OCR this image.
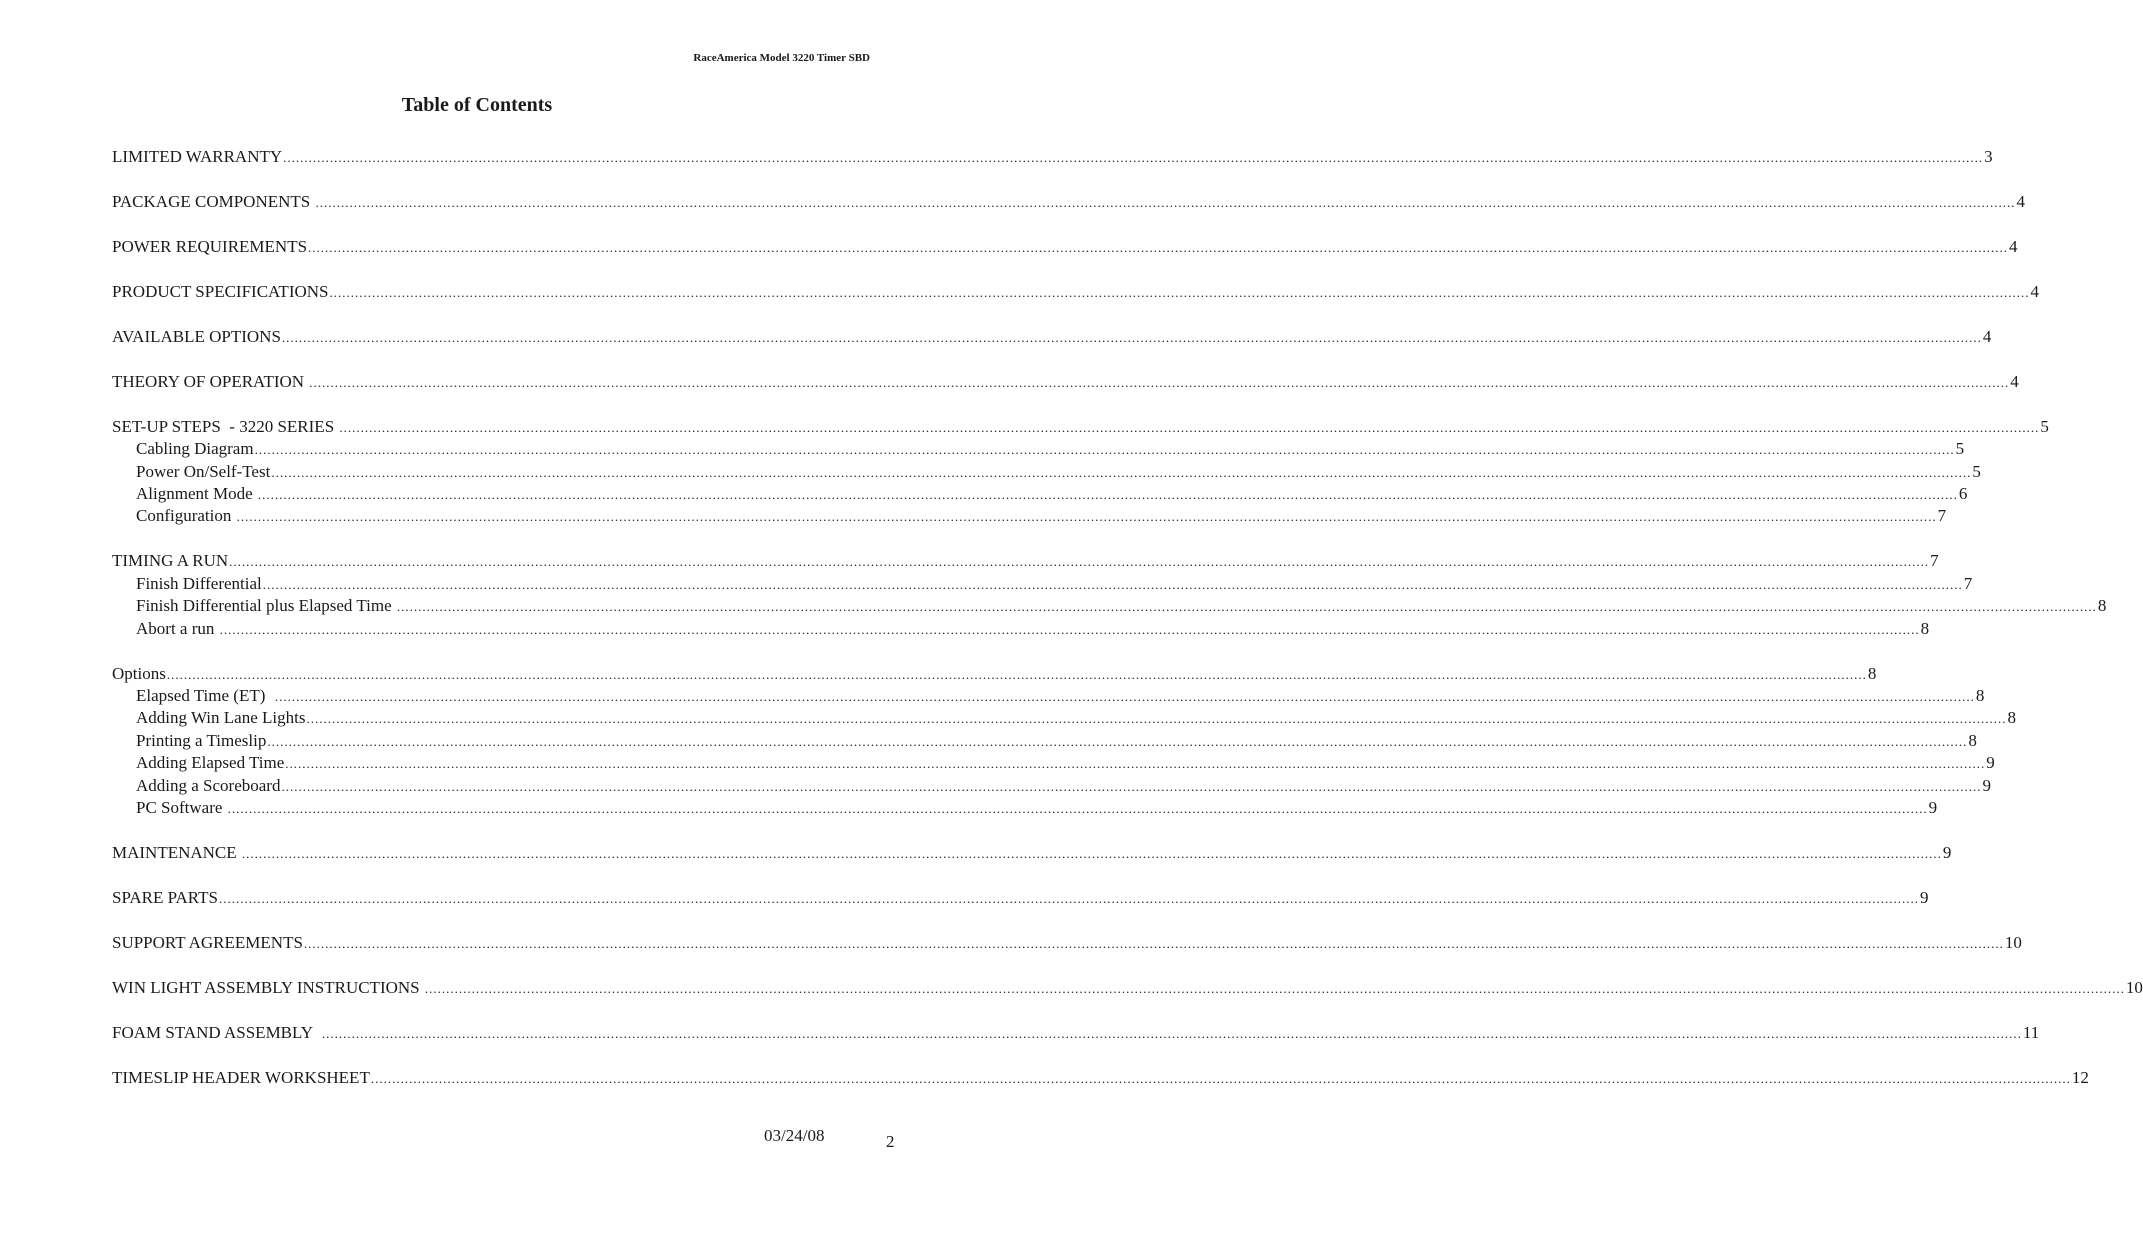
RaceAmerica Model 3220 Timer SBD
Table of Contents
LIMITED WARRANTY ................................................................................................................................................................................................................................................................................................................................................................................................................ 3
PACKAGE COMPONENTS ................................................................................................................................................................................................................................................................................................................................................................................................................ 4
POWER REQUIREMENTS ................................................................................................................................................................................................................................................................................................................................................................................................................ 4
PRODUCT SPECIFICATIONS ................................................................................................................................................................................................................................................................................................................................................................................................................ 4
AVAILABLE OPTIONS ................................................................................................................................................................................................................................................................................................................................................................................................................ 4
THEORY OF OPERATION ................................................................................................................................................................................................................................................................................................................................................................................................................ 4
SET-UP STEPS  - 3220 SERIES ................................................................................................................................................................................................................................................................................................................................................................................................................ 5
Cabling Diagram ................................................................................................................................................................................................................................................................................................................................................................................................................ 5
Power On/Self-Test ................................................................................................................................................................................................................................................................................................................................................................................................................ 5
Alignment Mode ................................................................................................................................................................................................................................................................................................................................................................................................................ 6
Configuration ................................................................................................................................................................................................................................................................................................................................................................................................................ 7
TIMING A RUN ................................................................................................................................................................................................................................................................................................................................................................................................................ 7
Finish Differential ................................................................................................................................................................................................................................................................................................................................................................................................................ 7
Finish Differential plus Elapsed Time ................................................................................................................................................................................................................................................................................................................................................................................................................ 8
Abort a run ................................................................................................................................................................................................................................................................................................................................................................................................................ 8
Options ................................................................................................................................................................................................................................................................................................................................................................................................................ 8
Elapsed Time (ET) ................................................................................................................................................................................................................................................................................................................................................................................................................ 8
Adding Win Lane Lights ................................................................................................................................................................................................................................................................................................................................................................................................................ 8
Printing a Timeslip ................................................................................................................................................................................................................................................................................................................................................................................................................ 8
Adding Elapsed Time ................................................................................................................................................................................................................................................................................................................................................................................................................ 9
Adding a Scoreboard ................................................................................................................................................................................................................................................................................................................................................................................................................ 9
PC Software ................................................................................................................................................................................................................................................................................................................................................................................................................ 9
MAINTENANCE ................................................................................................................................................................................................................................................................................................................................................................................................................ 9
SPARE PARTS ................................................................................................................................................................................................................................................................................................................................................................................................................ 9
SUPPORT AGREEMENTS ................................................................................................................................................................................................................................................................................................................................................................................................................ 10
WIN LIGHT ASSEMBLY INSTRUCTIONS ................................................................................................................................................................................................................................................................................................................................................................................................................ 10
FOAM STAND ASSEMBLY ................................................................................................................................................................................................................................................................................................................................................................................................................ 11
TIMESLIP HEADER WORKSHEET ................................................................................................................................................................................................................................................................................................................................................................................................................ 12
03/24/08	2
